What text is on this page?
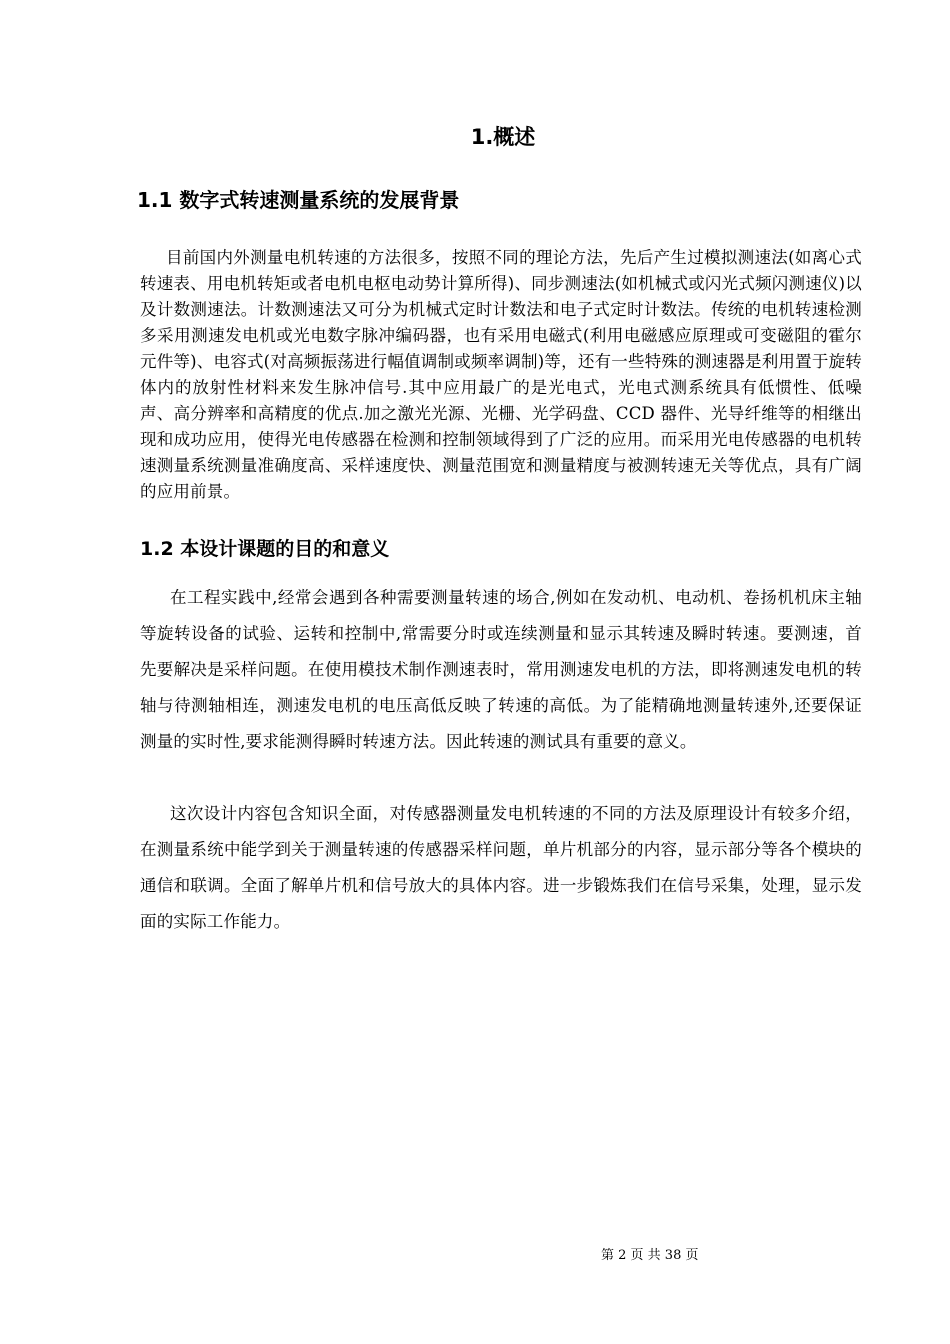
1.概述
1.1 数字式转速测量系统的发展背景
目前国内外测量电机转速的方法很多，按照不同的理论方法，先后产生过模拟测速法(如离心式转速表、用电机转矩或者电机电枢电动势计算所得)、同步测速法(如机械式或闪光式频闪测速仪)以及计数测速法。计数测速法又可分为机械式定时计数法和电子式定时计数法。传统的电机转速检测多采用测速发电机或光电数字脉冲编码器，也有采用电磁式(利用电磁感应原理或可变磁阻的霍尔元件等)、电容式(对高频振荡进行幅值调制或频率调制)等，还有一些特殊的测速器是利用置于旋转体内的放射性材料来发生脉冲信号.其中应用最广的是光电式，光电式测系统具有低惯性、低噪声、高分辨率和高精度的优点.加之激光光源、光栅、光学码盘、CCD 器件、光导纤维等的相继出现和成功应用，使得光电传感器在检测和控制领域得到了广泛的应用。而采用光电传感器的电机转速测量系统测量准确度高、采样速度快、测量范围宽和测量精度与被测转速无关等优点，具有广阔的应用前景。
1.2 本设计课题的目的和意义
在工程实践中,经常会遇到各种需要测量转速的场合,例如在发动机、电动机、卷扬机机床主轴等旋转设备的试验、运转和控制中,常需要分时或连续测量和显示其转速及瞬时转速。要测速，首先要解决是采样问题。在使用模技术制作测速表时，常用测速发电机的方法，即将测速发电机的转轴与待测轴相连，测速发电机的电压高低反映了转速的高低。为了能精确地测量转速外,还要保证测量的实时性,要求能测得瞬时转速方法。因此转速的测试具有重要的意义。
这次设计内容包含知识全面，对传感器测量发电机转速的不同的方法及原理设计有较多介绍，在测量系统中能学到关于测量转速的传感器采样问题，单片机部分的内容，显示部分等各个模块的通信和联调。全面了解单片机和信号放大的具体内容。进一步锻炼我们在信号采集，处理，显示发面的实际工作能力。
第 2 页 共 38 页
